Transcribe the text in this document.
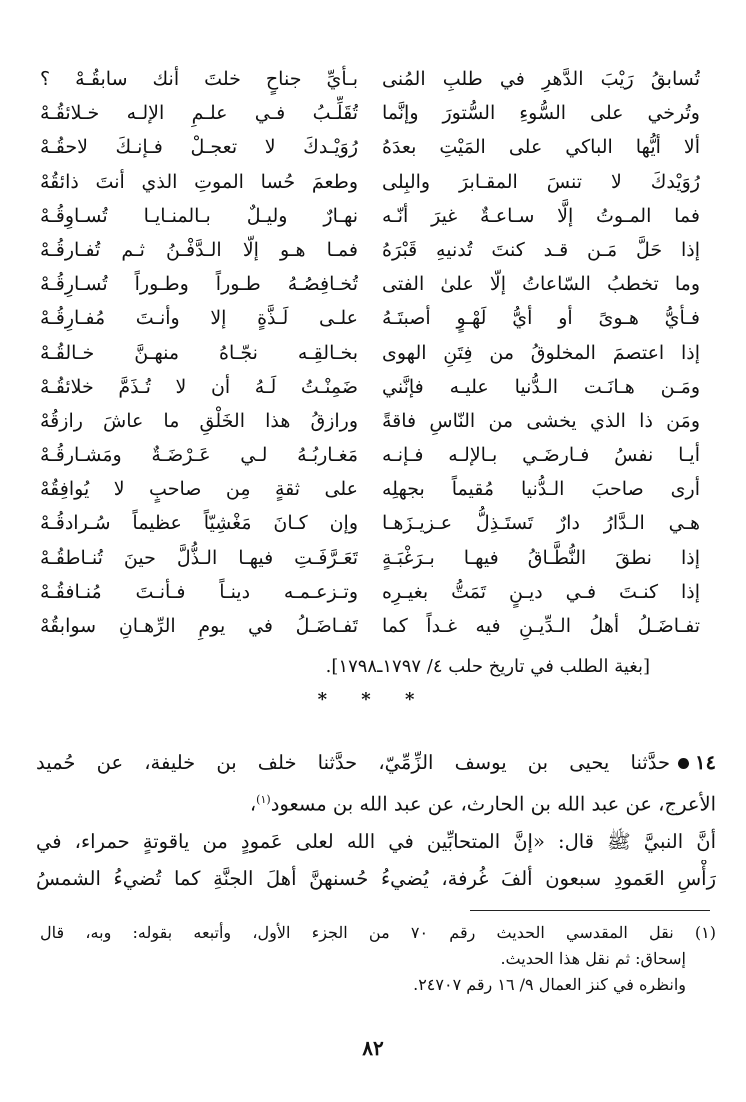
تُسابقُ رَيْبَ الدَّهرِ في طلبِ المُنى
وتُرخي على السُّوءِ السُّتورَ وإنَّما
ألا أيُّها الباكي على المَيْتِ بعدَهُ
رُوَيْدكَ لا تنسَ المقـابرَ والبِلى
فما المـوتُ إلَّا سـاعـةٌ غيرَ أنّـه
إذا حَلَّ مَـن قـد كنتَ تُدنيهِ قَبْرَهُ
وما تخطبُ السّاعاتُ إلّا علىٰ الفتى
فـأيُّ هـوىً أو أيُّ لَهْـوٍ أصبتَـهُ
إذا اعتصمَ المخلوقُ من فِتَنِ الهوى
ومَـن هـانَـت الـدُّنيا عليـه فإنَّني
ومَن ذا الذي يخشى من النّاسِ فاقةً
أيـا نفسُ فـارضَـي بـالإلـه فـإنـه
أرى صاحبَ الـدُّنيا مُقيماً بجهلِه
هـي الـدَّارُ دارٌ تَستَـذِلُّ عـزيـزَهـا
إذا نطقَ النُّطَّـاقُ فيهـا بـرَغْبَـةٍ
إذا كنـتَ فـي ديـنٍ تَمَتُّ بغيـرِه
تفـاضَـلُ أهلُ الـدِّيـنِ فيه غـداً كما
بـأيِّ جناحٍ خلتَ أنك سابقُـهْ ؟
تُقَلِّـبُ فـي علـمِ الإلـه خـلائقُـهْ
رُوَيْـدكَ لا تعجـلْ فـإنـكَ لاحقُـهْ
وطعمَ حُسا الموتِ الذي أنتَ ذائقُهْ
نهـارٌ وليـلٌ بـالمنـايـا تُسـاوِقُـهْ
فمـا هـو إلّا الـدَّفْـنُ ثـم تُفـارقُـهْ
تُخـافِصُـهُ طـوراً وطـوراً تُسـارِقُـهْ
علـى لَـذَّةٍ إلا وأنـتَ مُفـارِقُـهْ
بخـالقِـه نجّـاهُ منهـنَّ خـالقُـهْ
ضَمِنْـتُ لَـهُ أن لا تُـذَمَّ خلائقُـهْ
ورازقُ هذا الخَلْقِ ما عاشَ رازقُهْ
مَغـاربُـهُ لـي عَـرْضَـةٌ ومَشـارقُـهْ
على ثقةٍ مِن صاحبٍ لا يُوافِقُهْ
وإن كـانَ مَغْشِيّاً عظيماً سُـرادقُـهْ
تَعَـرَّفَـتِ فيهـا الـذُّلَّ حينَ تُنـاطقُـهْ
وتـزعـمـه دينـاً فـأنـتَ مُنـافقُـهْ
تَفـاضَـلُ في يومِ الرِّهـانِ سوابقُهْ
[بغية الطلب في تاريخ حلب ٤/ ١٧٩٧ـ١٧٩٨].
* * *
١٤حدَّثنا يحيى بن يوسف الزِّمِّيّ، حدَّثنا خلف بن خليفة، عن حُميد
الأعرج، عن عبد الله بن الحارث، عن عبد الله بن مسعود$^{(١)}$،
أنَّ النبيَّ ﷺ قال: «إنَّ المتحابِّين في الله لعلى عَمودٍ من ياقوتةٍ حمراء، في
رَأْسِ العَمودِ سبعون ألفَ غُرفة، يُضيءُ حُسنهنَّ أهلَ الجنَّةِ كما تُضيءُ الشمسُ
(١) نقل المقدسي الحديث رقم ٧٠ من الجزء الأول، وأتبعه بقوله: وبه، قال
إسحاق: ثم نقل هذا الحديث.
وانظره في كنز العمال ٩/ ١٦ رقم ٢٤٧٠٧.
٨٢
